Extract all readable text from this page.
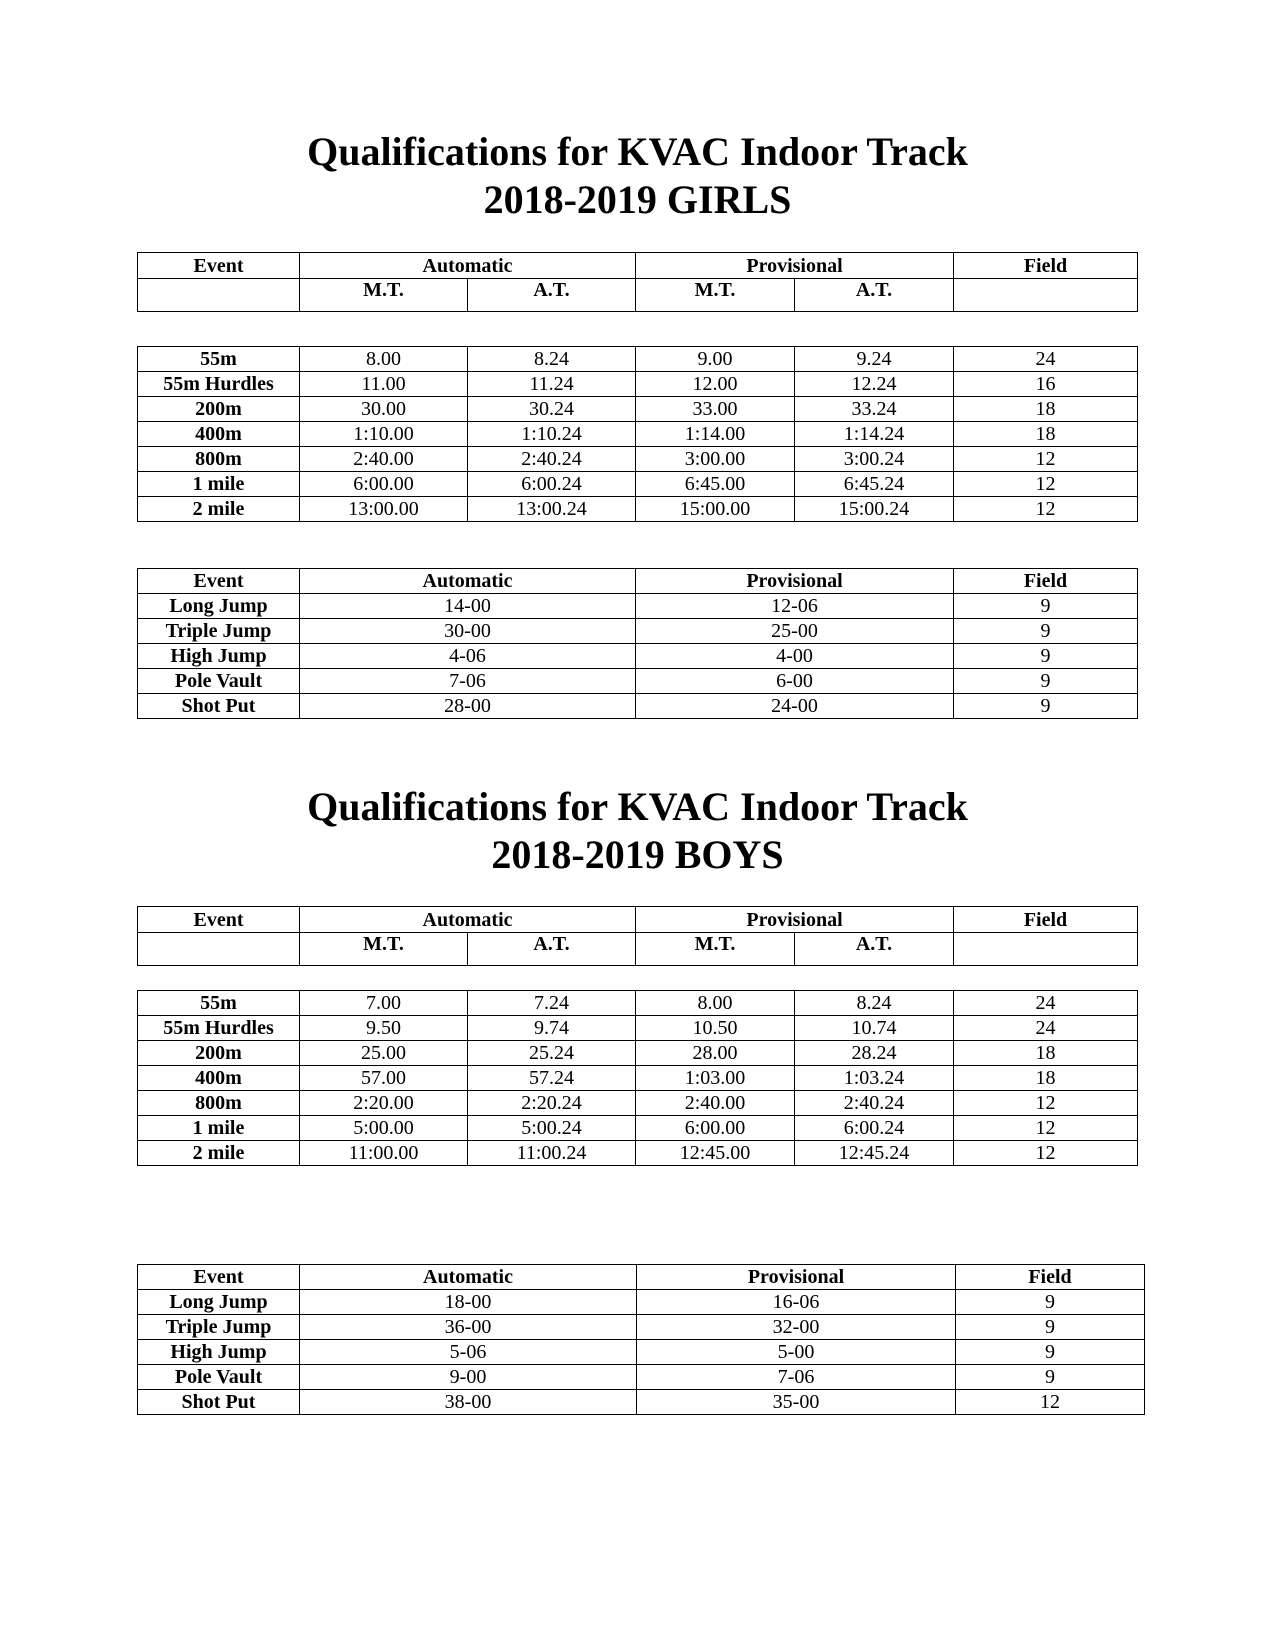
Qualifications for KVAC Indoor Track
2018-2019 GIRLS
Event	Automatic		Provisional		Field
	M.T.	A.T.	M.T.	A.T.	
55m	8.00	8.24	9.00	9.24	24
55m Hurdles	11.00	11.24	12.00	12.24	16
200m	30.00	30.24	33.00	33.24	18
400m	1:10.00	1:10.24	1:14.00	1:14.24	18
800m	2:40.00	2:40.24	3:00.00	3:00.24	12
1 mile	6:00.00	6:00.24	6:45.00	6:45.24	12
2 mile	13:00.00	13:00.24	15:00.00	15:00.24	12
Event	Automatic	Provisional	Field
Long Jump	14-00	12-06	9
Triple Jump	30-00	25-00	9
High Jump	4-06	4-00	9
Pole Vault	7-06	6-00	9
Shot Put	28-00	24-00	9
Qualifications for KVAC Indoor Track
2018-2019 BOYS
Event	Automatic		Provisional		Field
	M.T.	A.T.	M.T.	A.T.	
55m	7.00	7.24	8.00	8.24	24
55m Hurdles	9.50	9.74	10.50	10.74	24
200m	25.00	25.24	28.00	28.24	18
400m	57.00	57.24	1:03.00	1:03.24	18
800m	2:20.00	2:20.24	2:40.00	2:40.24	12
1 mile	5:00.00	5:00.24	6:00.00	6:00.24	12
2 mile	11:00.00	11:00.24	12:45.00	12:45.24	12
Event	Automatic	Provisional	Field
Long Jump	18-00	16-06	9
Triple Jump	36-00	32-00	9
High Jump	5-06	5-00	9
Pole Vault	9-00	7-06	9
Shot Put	38-00	35-00	12
